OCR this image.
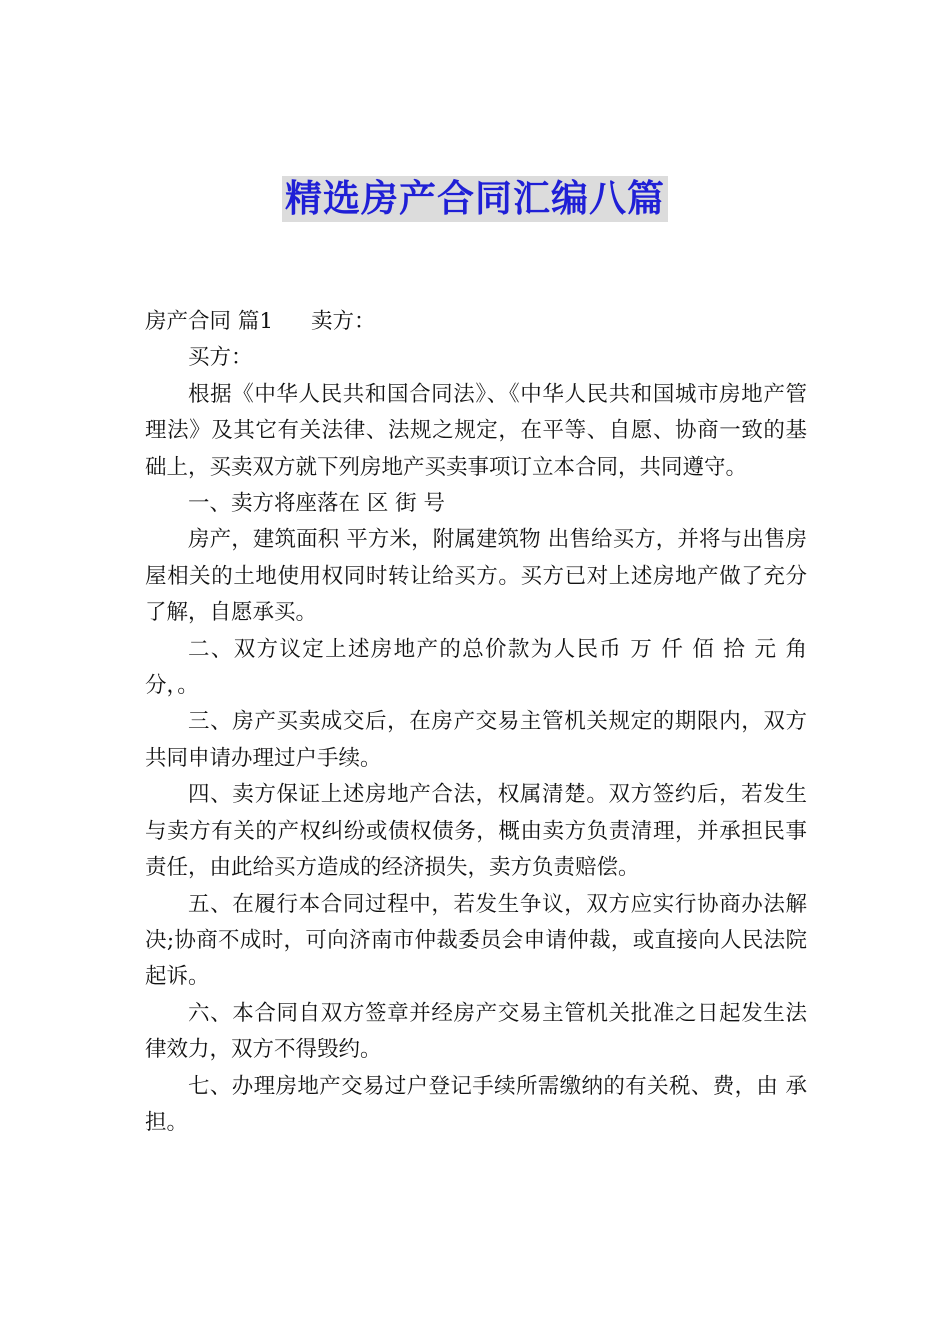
精选房产合同汇编八篇

房产合同 篇1 卖方：

买方：

根据《中华人民共和国合同法》、《中华人民共和国城市房地产管理法》及其它有关法律、法规之规定，在平等、自愿、协商一致的基础上，买卖双方就下列房地产买卖事项订立本合同，共同遵守。

一、卖方将座落在 区 街 号

房产，建筑面积 平方米，附属建筑物 出售给买方，并将与出售房屋相关的土地使用权同时转让给买方。买方已对上述房地产做了充分了解，自愿承买。

二、双方议定上述房地产的总价款为人民币 万 仟 佰 拾 元 角 分，。

三、房产买卖成交后，在房产交易主管机关规定的期限内，双方共同申请办理过户手续。

四、卖方保证上述房地产合法，权属清楚。双方签约后，若发生与卖方有关的产权纠纷或债权债务，概由卖方负责清理，并承担民事责任，由此给买方造成的经济损失，卖方负责赔偿。

五、在履行本合同过程中，若发生争议，双方应实行协商办法解决;协商不成时，可向济南市仲裁委员会申请仲裁，或直接向人民法院起诉。

六、本合同自双方签章并经房产交易主管机关批准之日起发生法律效力，双方不得毁约。

七、办理房地产交易过户登记手续所需缴纳的有关税、费，由 承担。
